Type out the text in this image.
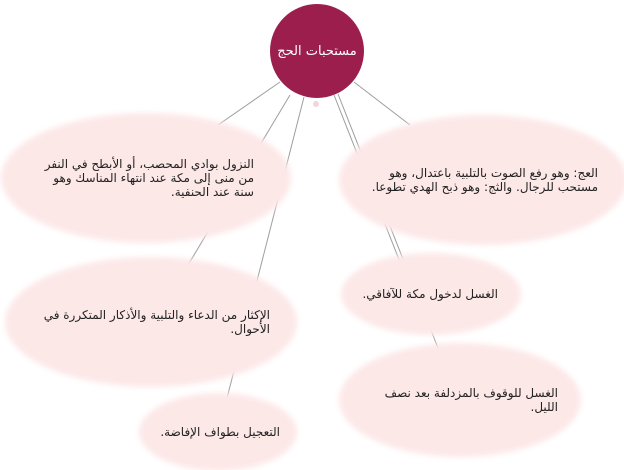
مستحبات الحج
النزول بوادي المحصب، أو الأبطح في النفر من منى إلى مكة عند انتهاء المناسك وهو سنة عند الحنفية.
العج: وهو رفع الصوت بالتلبية باعتدال، وهو مستحب للرجال. والثج: وهو ذبح الهدي تطوعا.
الإكثار من الدعاء والتلبية والأذكار المتكررة في الأحوال.
الغسل لدخول مكة للآفاقي.
الغسل للوقوف بالمزدلفة بعد نصف الليل.
التعجيل بطواف الإفاضة.
